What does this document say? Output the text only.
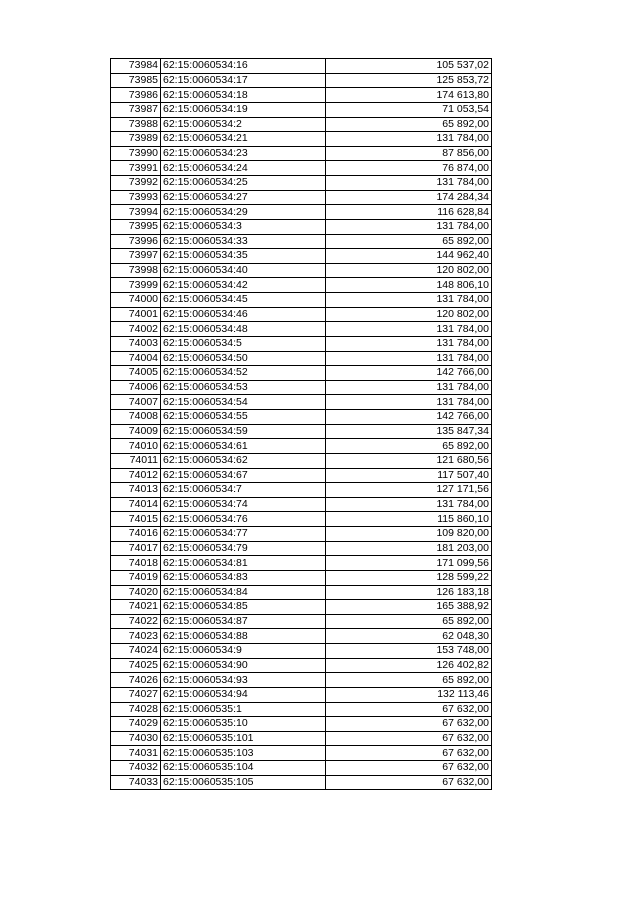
73984	62:15:0060534:16	105 537,02
73985	62:15:0060534:17	125 853,72
73986	62:15:0060534:18	174 613,80
73987	62:15:0060534:19	71 053,54
73988	62:15:0060534:2	65 892,00
73989	62:15:0060534:21	131 784,00
73990	62:15:0060534:23	87 856,00
73991	62:15:0060534:24	76 874,00
73992	62:15:0060534:25	131 784,00
73993	62:15:0060534:27	174 284,34
73994	62:15:0060534:29	116 628,84
73995	62:15:0060534:3	131 784,00
73996	62:15:0060534:33	65 892,00
73997	62:15:0060534:35	144 962,40
73998	62:15:0060534:40	120 802,00
73999	62:15:0060534:42	148 806,10
74000	62:15:0060534:45	131 784,00
74001	62:15:0060534:46	120 802,00
74002	62:15:0060534:48	131 784,00
74003	62:15:0060534:5	131 784,00
74004	62:15:0060534:50	131 784,00
74005	62:15:0060534:52	142 766,00
74006	62:15:0060534:53	131 784,00
74007	62:15:0060534:54	131 784,00
74008	62:15:0060534:55	142 766,00
74009	62:15:0060534:59	135 847,34
74010	62:15:0060534:61	65 892,00
74011	62:15:0060534:62	121 680,56
74012	62:15:0060534:67	117 507,40
74013	62:15:0060534:7	127 171,56
74014	62:15:0060534:74	131 784,00
74015	62:15:0060534:76	115 860,10
74016	62:15:0060534:77	109 820,00
74017	62:15:0060534:79	181 203,00
74018	62:15:0060534:81	171 099,56
74019	62:15:0060534:83	128 599,22
74020	62:15:0060534:84	126 183,18
74021	62:15:0060534:85	165 388,92
74022	62:15:0060534:87	65 892,00
74023	62:15:0060534:88	62 048,30
74024	62:15:0060534:9	153 748,00
74025	62:15:0060534:90	126 402,82
74026	62:15:0060534:93	65 892,00
74027	62:15:0060534:94	132 113,46
74028	62:15:0060535:1	67 632,00
74029	62:15:0060535:10	67 632,00
74030	62:15:0060535:101	67 632,00
74031	62:15:0060535:103	67 632,00
74032	62:15:0060535:104	67 632,00
74033	62:15:0060535:105	67 632,00
